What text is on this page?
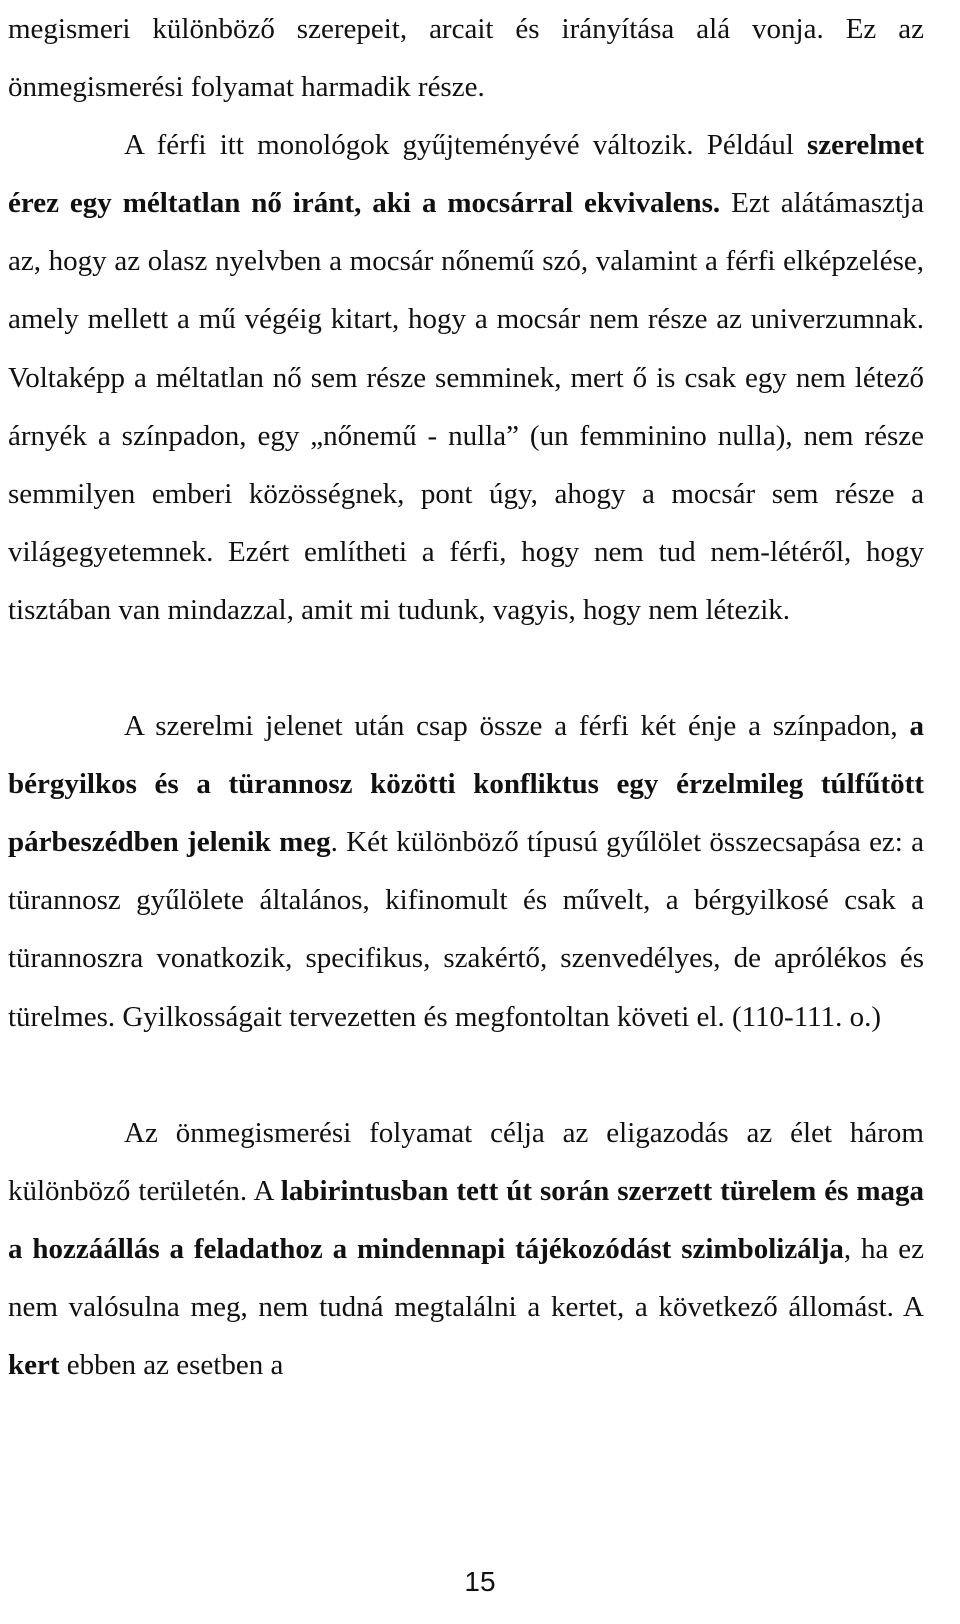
megismeri különböző szerepeit, arcait és irányítása alá vonja. Ez az önmegismerési folyamat harmadik része.

A férfi itt monológok gyűjteményévé változik. Például szerelmet érez egy méltatlan nő iránt, aki a mocsárral ekvivalens. Ezt alátámasztja az, hogy az olasz nyelvben a mocsár nőnemű szó, valamint a férfi elképzelése, amely mellett a mű végéig kitart, hogy a mocsár nem része az univerzumnak. Voltaképp a méltatlan nő sem része semminek, mert ő is csak egy nem létező árnyék a színpadon, egy „nőnemű - nulla” (un femminino nulla), nem része semmilyen emberi közösségnek, pont úgy, ahogy a mocsár sem része a világegyetemnek. Ezért említheti a férfi, hogy nem tud nem-létéről, hogy tisztában van mindazzal, amit mi tudunk, vagyis, hogy nem létezik.

A szerelmi jelenet után csap össze a férfi két énje a színpadon, a bérgyilkos és a türannosz közötti konfliktus egy érzelmileg túlfűtött párbeszédben jelenik meg. Két különböző típusú gyűlölet összecsapása ez: a türannosz gyűlölete általános, kifinomult és művelt, a bérgyilkosé csak a türannoszra vonatkozik, specifikus, szakértő, szenvedélyes, de aprólékos és türelmes. Gyilkosságait tervezetten és megfontoltan követi el. (110-111. o.)

Az önmegismerési folyamat célja az eligazodás az élet három különböző területén. A labirintusban tett út során szerzett türelem és maga a hozzáállás a feladathoz a mindennapi tájékozódást szimbolizálja, ha ez nem valósulna meg, nem tudná megtalálni a kertet, a következő állomást. A kert ebben az esetben a

15
